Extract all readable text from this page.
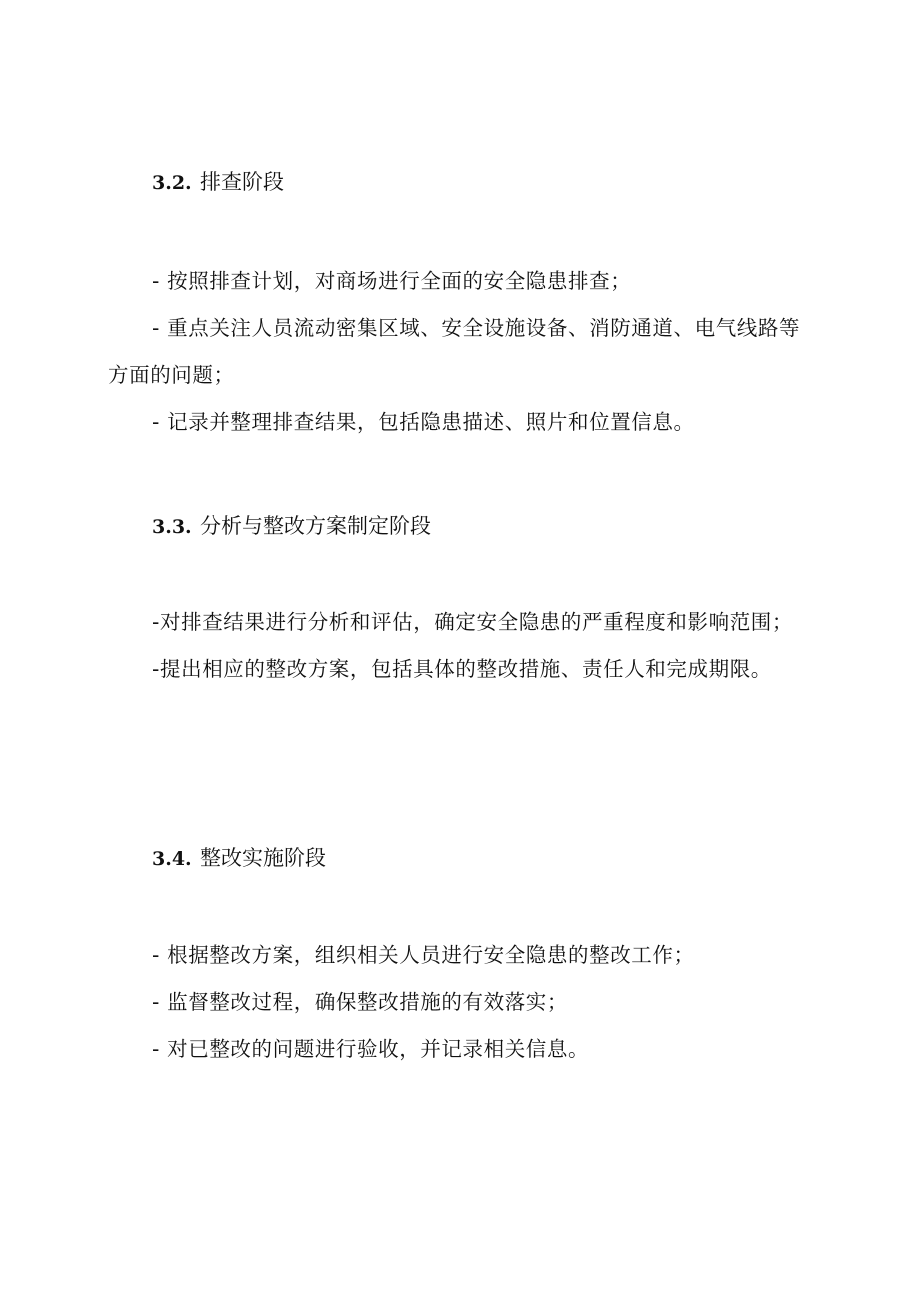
3.2. 排查阶段

- 按照排查计划，对商场进行全面的安全隐患排查；

- 重点关注人员流动密集区域、安全设施设备、消防通道、电气线路等方面的问题；

- 记录并整理排查结果，包括隐患描述、照片和位置信息。

3.3. 分析与整改方案制定阶段

-对排查结果进行分析和评估，确定安全隐患的严重程度和影响范围；

-提出相应的整改方案，包括具体的整改措施、责任人和完成期限。

3.4. 整改实施阶段

- 根据整改方案，组织相关人员进行安全隐患的整改工作；

- 监督整改过程，确保整改措施的有效落实；

- 对已整改的问题进行验收，并记录相关信息。
